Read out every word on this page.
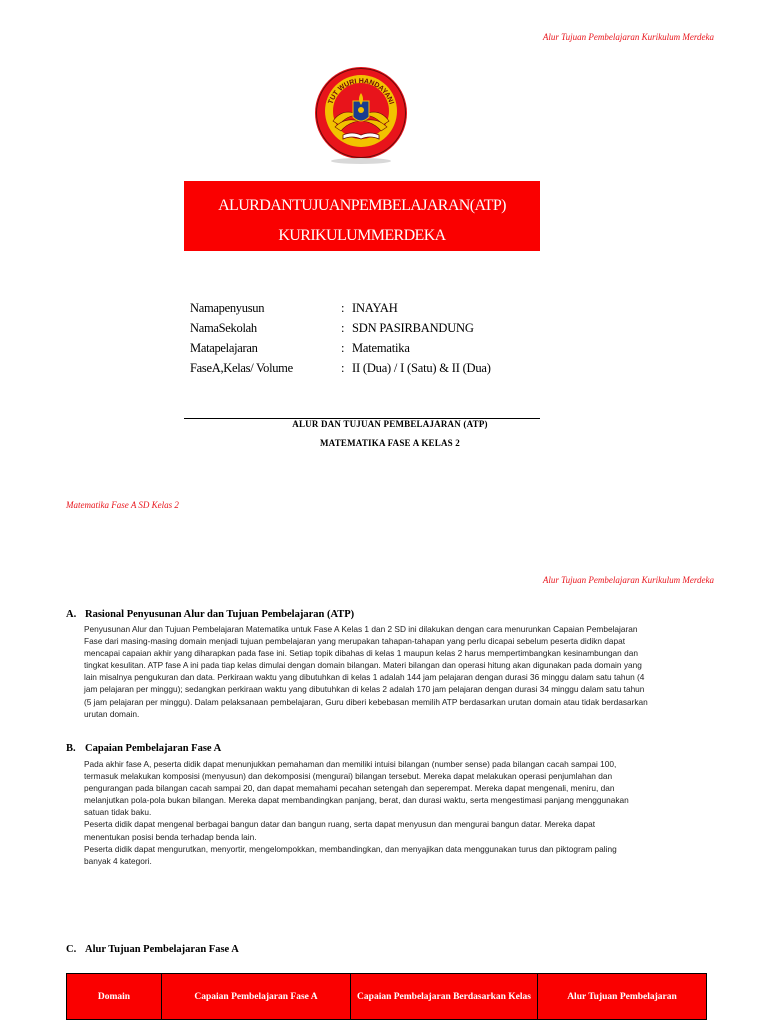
Alur Tujuan Pembelajaran Kurikulum Merdeka
TUT WURI HANDAYANI
ALURDANTUJUANPEMBELAJARAN(ATP)
KURIKULUMMERDEKA
Namapenyusun	: INAYAH
NamaSekolah	: SDN PASIRBANDUNG
Matapelajaran	: Matematika
FaseA,Kelas/ Volume	: II (Dua) / I (Satu) & II (Dua)
ALUR DAN TUJUAN PEMBELAJARAN (ATP)
MATEMATIKA FASE A KELAS 2
Matematika Fase A SD Kelas 2
Alur Tujuan Pembelajaran Kurikulum Merdeka
A. Rasional Penyusunan Alur dan Tujuan Pembelajaran (ATP)

Penyusunan Alur dan Tujuan Pembelajaran Matematika untuk Fase A Kelas 1 dan 2 SD ini dilakukan dengan cara menurunkan Capaian Pembelajaran

Fase dari masing-masing domain menjadi tujuan pembelajaran yang merupakan tahapan-tahapan yang perlu dicapai sebelum peserta didikn dapat

mencapai capaian akhir yang diharapkan pada fase ini. Setiap topik dibahas di kelas 1 maupun kelas 2 harus mempertimbangkan kesinambungan dan

tingkat kesulitan. ATP fase A ini pada tiap kelas dimulai dengan domain bilangan. Materi bilangan dan operasi hitung akan digunakan pada domain yang

lain misalnya pengukuran dan data. Perkiraan waktu yang dibutuhkan di kelas 1 adalah 144 jam pelajaran dengan durasi 36 minggu dalam satu tahun (4

jam pelajaran per minggu); sedangkan perkiraan waktu yang dibutuhkan di kelas 2 adalah 170 jam pelajaran dengan durasi 34 minggu dalam satu tahun

(5 jam pelajaran per minggu). Dalam pelaksanaan pembelajaran, Guru diberi kebebasan memilih ATP berdasarkan urutan domain atau tidak berdasarkan

urutan domain.

B. Capaian Pembelajaran Fase A

Pada akhir fase A, peserta didik dapat menunjukkan pemahaman dan memiliki intuisi bilangan (number sense) pada bilangan cacah sampai 100,

termasuk melakukan komposisi (menyusun) dan dekomposisi (mengurai) bilangan tersebut. Mereka dapat melakukan operasi penjumlahan dan

pengurangan pada bilangan cacah sampai 20, dan dapat memahami pecahan setengah dan seperempat. Mereka dapat mengenali, meniru, dan

melanjutkan pola-pola bukan bilangan. Mereka dapat membandingkan panjang, berat, dan durasi waktu, serta mengestimasi panjang menggunakan

satuan tidak baku.

Peserta didik dapat mengenal berbagai bangun datar dan bangun ruang, serta dapat menyusun dan mengurai bangun datar. Mereka dapat

menentukan posisi benda terhadap benda lain.

Peserta didik dapat mengurutkan, menyortir, mengelompokkan, membandingkan, dan menyajikan data menggunakan turus dan piktogram paling

banyak 4 kategori.

C. Alur Tujuan Pembelajaran Fase A
Domain	Capaian Pembelajaran Fase A	Capaian Pembelajaran Berdasarkan Kelas	Alur Tujuan Pembelajaran
